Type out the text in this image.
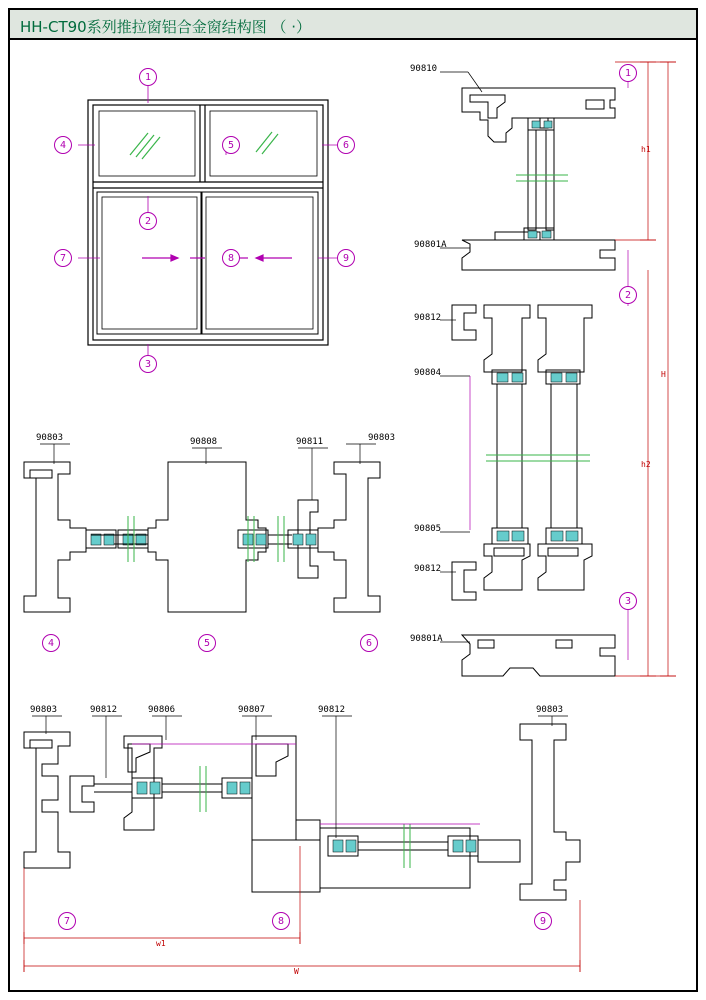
HH-CT90系列推拉窗铝合金窗结构图 （ ·）
1
2
3
4	5	6
7	8	9
90810
90801A
90812
90804
90805
90812
90801A
1
2
3
h1
h2
H
90803	90808	90811	90803
4	5	6
90803	90812	90806	90807	90812	90803
7	8	9
w1
W
